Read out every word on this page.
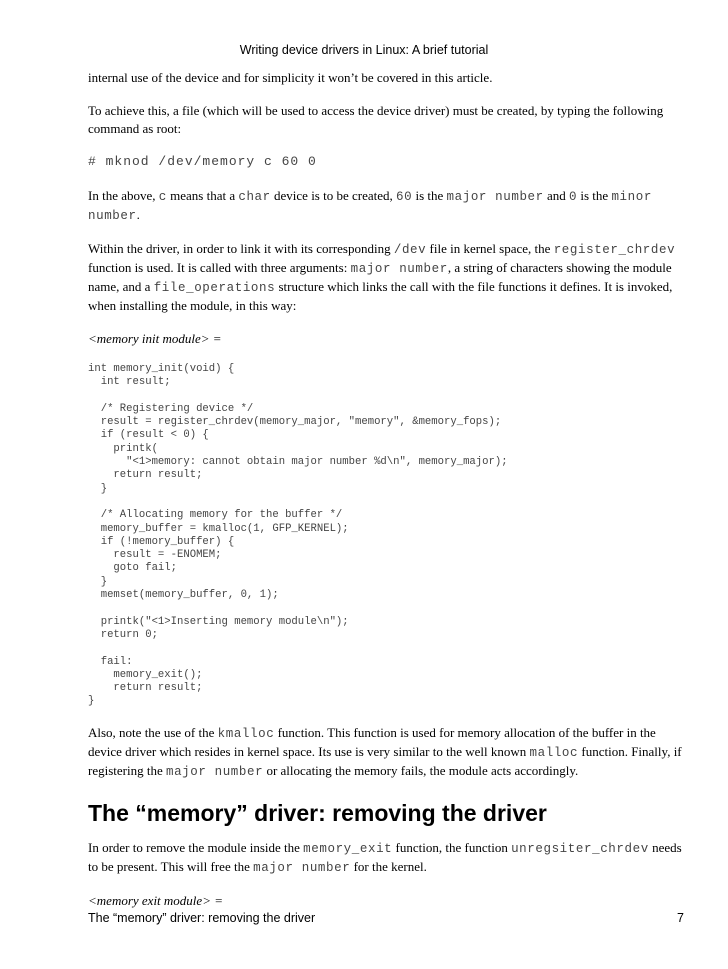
Writing device drivers in Linux: A brief tutorial

internal use of the device and for simplicity it won’t be covered in this article.

To achieve this, a file (which will be used to access the device driver) must be created, by typing the following command as root:

# mknod /dev/memory c 60 0

In the above, c means that a char device is to be created, 60 is the major number and 0 is the minor number.

Within the driver, in order to link it with its corresponding /dev file in kernel space, the register_chrdev function is used. It is called with three arguments: major number, a string of characters showing the module name, and a file_operations structure which links the call with the file functions it defines. It is invoked, when installing the module, in this way:

<memory init module> =

int memory_init(void) {
int result;

/* Registering device */
result = register_chrdev(memory_major, "memory", &memory_fops);
if (result < 0) {
printk(
"<1>memory: cannot obtain major number %d\n", memory_major);
return result;
}

/* Allocating memory for the buffer */
memory_buffer = kmalloc(1, GFP_KERNEL);
if (!memory_buffer) {
result = -ENOMEM;
goto fail;
}
memset(memory_buffer, 0, 1);

printk("<1>Inserting memory module\n");
return 0;

fail:
memory_exit();
return result;
}

Also, note the use of the kmalloc function. This function is used for memory allocation of the buffer in the device driver which resides in kernel space. Its use is very similar to the well known malloc function. Finally, if registering the major number or allocating the memory fails, the module acts accordingly.

The “memory” driver: removing the driver

In order to remove the module inside the memory_exit function, the function unregsiter_chrdev needs to be present. This will free the major number for the kernel.

<memory exit module> =

The “memory” driver: removing the driver	7
